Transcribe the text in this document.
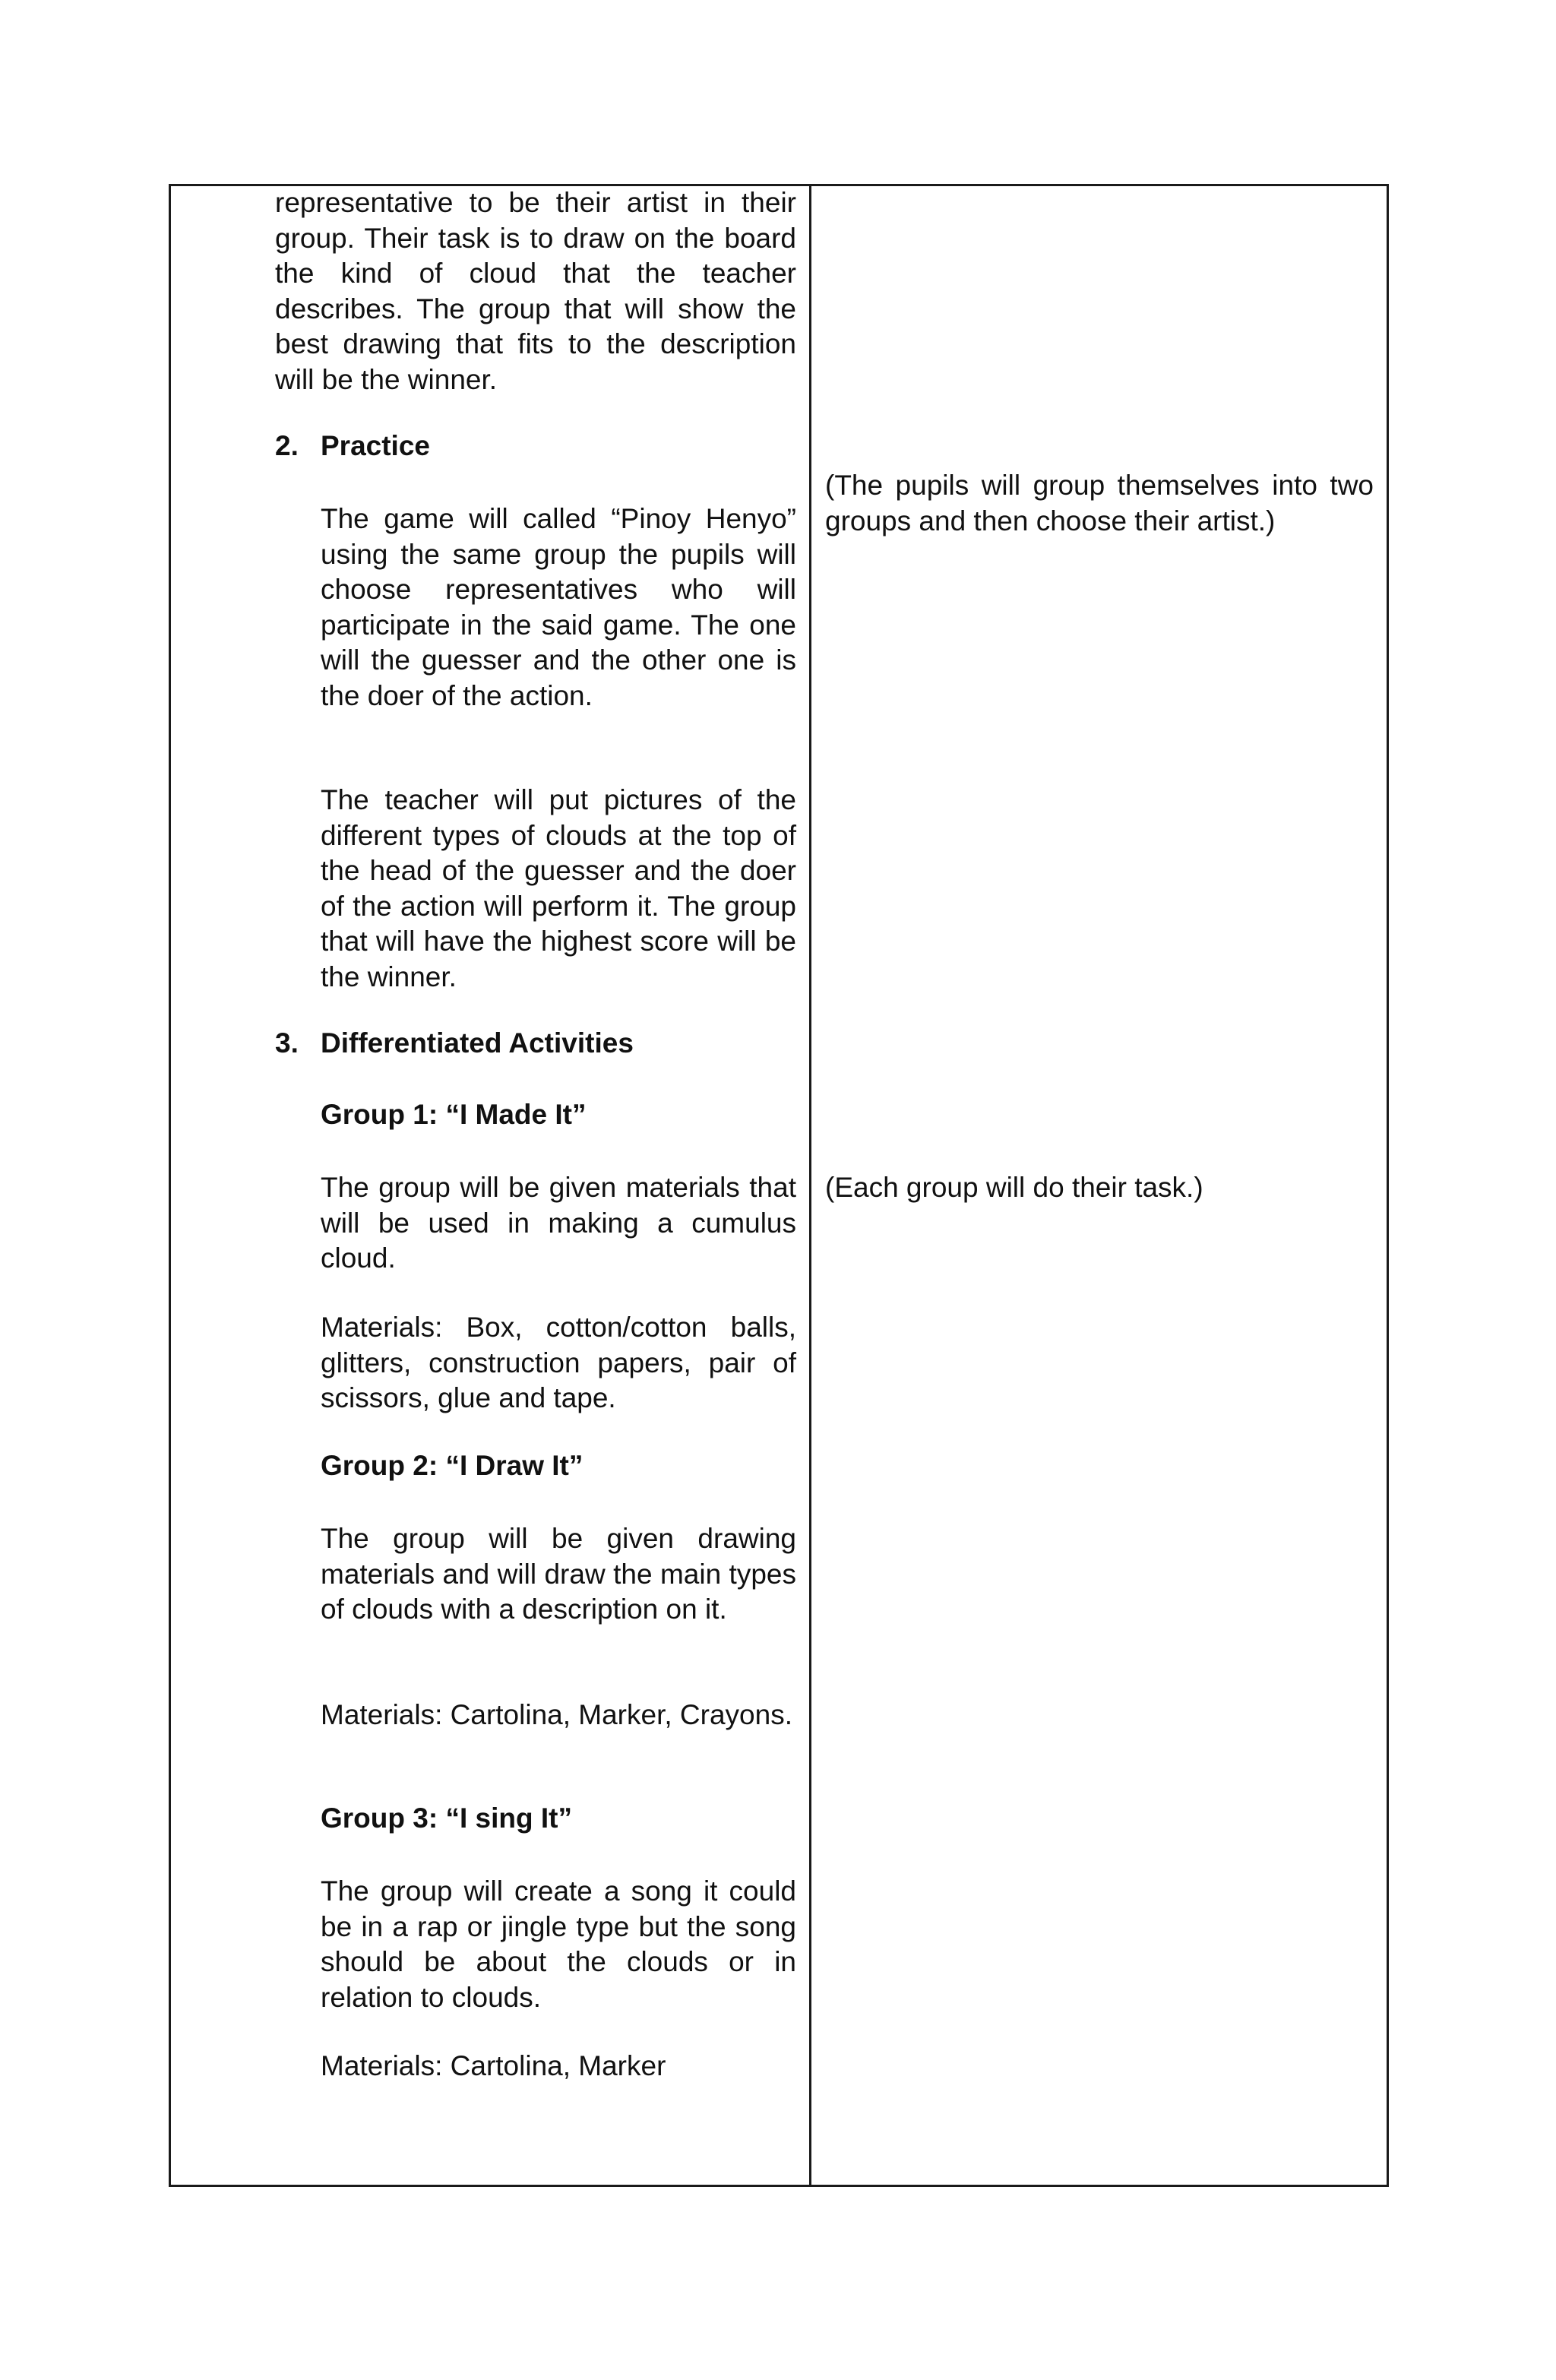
representative to be their artist in their group. Their task is to draw on the board the kind of cloud that the teacher describes. The group that will show the best drawing that fits to the description will be the winner.

2. Practice

The game will called “Pinoy Henyo” using the same group the pupils will choose representatives who will participate in the said game. The one will the guesser and the other one is the doer of the action.

The teacher will put pictures of the different types of clouds at the top of the head of the guesser and the doer of the action will perform it. The group that will have the highest score will be the winner.

3. Differentiated Activities

Group 1: “I Made It”

The group will be given materials that will be used in making a cumulus cloud.

Materials: Box, cotton/cotton balls, glitters, construction papers, pair of scissors, glue and tape.

Group 2: “I Draw It”

The group will be given drawing materials and will draw the main types of clouds with a description on it.

Materials: Cartolina, Marker, Crayons.

Group 3: “I sing It”

The group will create a song it could be in a rap or jingle type but the song should be about the clouds or in relation to clouds.

Materials: Cartolina, Marker

(The pupils will group themselves into two groups and then choose their artist.)

(Each group will do their task.)
